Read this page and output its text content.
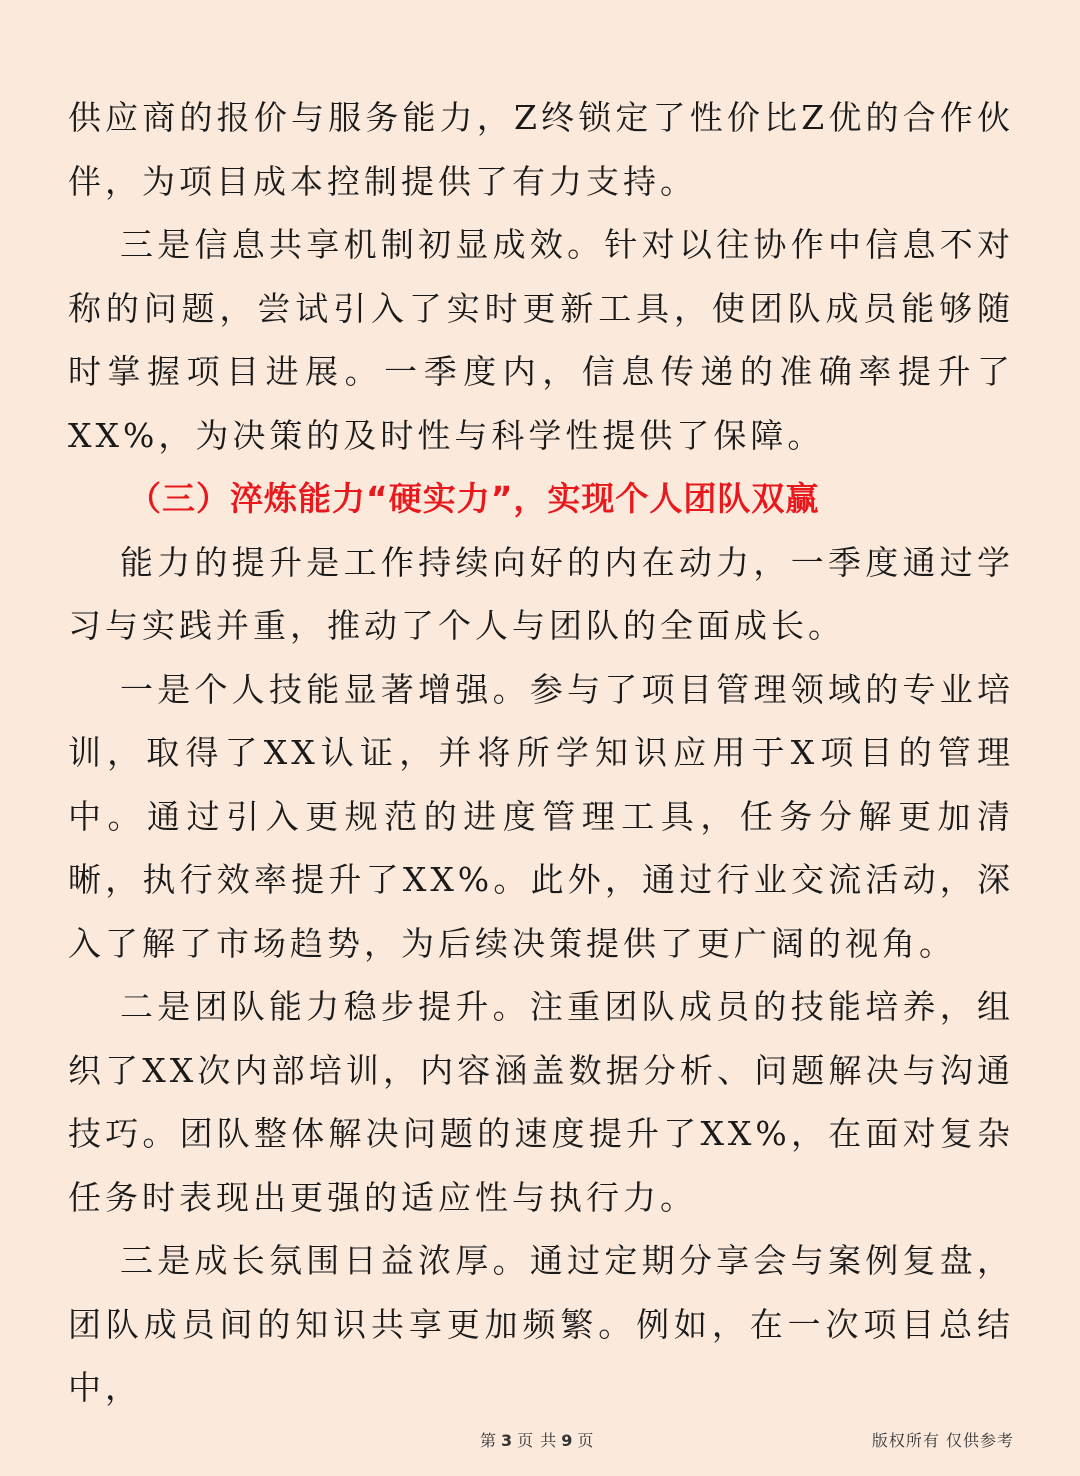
供应商的报价与服务能力，Z终锁定了性价比Z优的合作伙伴，为项目成本控制提供了有力支持。

三是信息共享机制初显成效。针对以往协作中信息不对称的问题，尝试引入了实时更新工具，使团队成员能够随时掌握项目进展。一季度内，信息传递的准确率提升了XX%，为决策的及时性与科学性提供了保障。

（三）淬炼能力“硬实力”，实现个人团队双赢

能力的提升是工作持续向好的内在动力，一季度通过学习与实践并重，推动了个人与团队的全面成长。

一是个人技能显著增强。参与了项目管理领域的专业培训，取得了XX认证，并将所学知识应用于X项目的管理中。通过引入更规范的进度管理工具，任务分解更加清晰，执行效率提升了XX%。此外，通过行业交流活动，深入了解了市场趋势，为后续决策提供了更广阔的视角。

二是团队能力稳步提升。注重团队成员的技能培养，组织了XX次内部培训，内容涵盖数据分析、问题解决与沟通技巧。团队整体解决问题的速度提升了XX%，在面对复杂任务时表现出更强的适应性与执行力。

三是成长氛围日益浓厚。通过定期分享会与案例复盘，团队成员间的知识共享更加频繁。例如，在一次项目总结中，

第 3 页 共 9 页	版权所有 仅供参考
